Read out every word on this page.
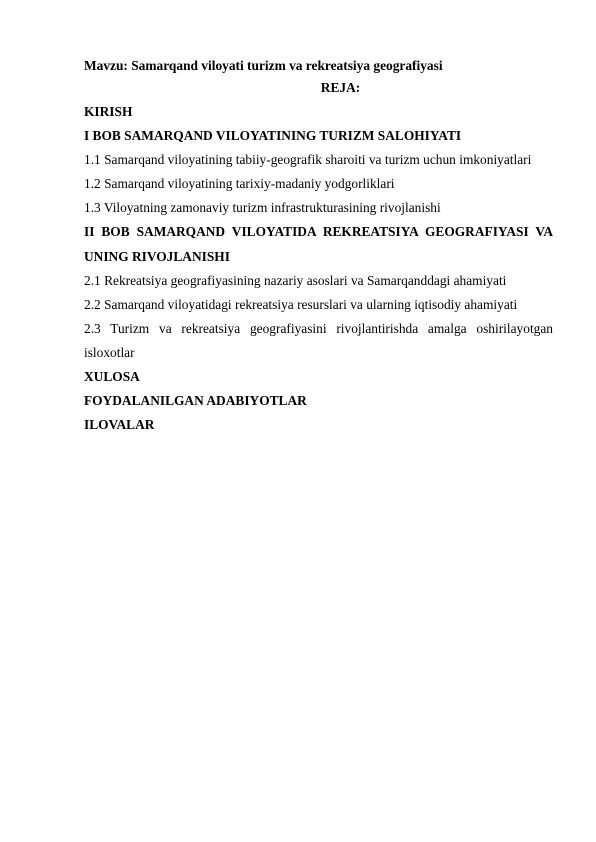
Mavzu: Samarqand viloyati turizm va rekreatsiya geografiyasi
REJA:
KIRISH
I BOB SAMARQAND VILOYATINING TURIZM SALOHIYATI
1.1 Samarqand viloyatining tabiiy-geografik sharoiti va turizm uchun imkoniyatlari
1.2 Samarqand viloyatining tarixiy-madaniy yodgorliklari
1.3 Viloyatning zamonaviy turizm infrastrukturasining rivojlanishi
II BOB SAMARQAND VILOYATIDA REKREATSIYA GEOGRAFIYASI VA UNING RIVOJLANISHI
2.1 Rekreatsiya geografiyasining nazariy asoslari va Samarqanddagi ahamiyati
2.2 Samarqand viloyatidagi rekreatsiya resurslari va ularning iqtisodiy ahamiyati
2.3 Turizm va rekreatsiya geografiyasini rivojlantirishda amalga oshirilayotgan isloxotlar
XULOSA
FOYDALANILGAN ADABIYOTLAR
ILOVALAR
